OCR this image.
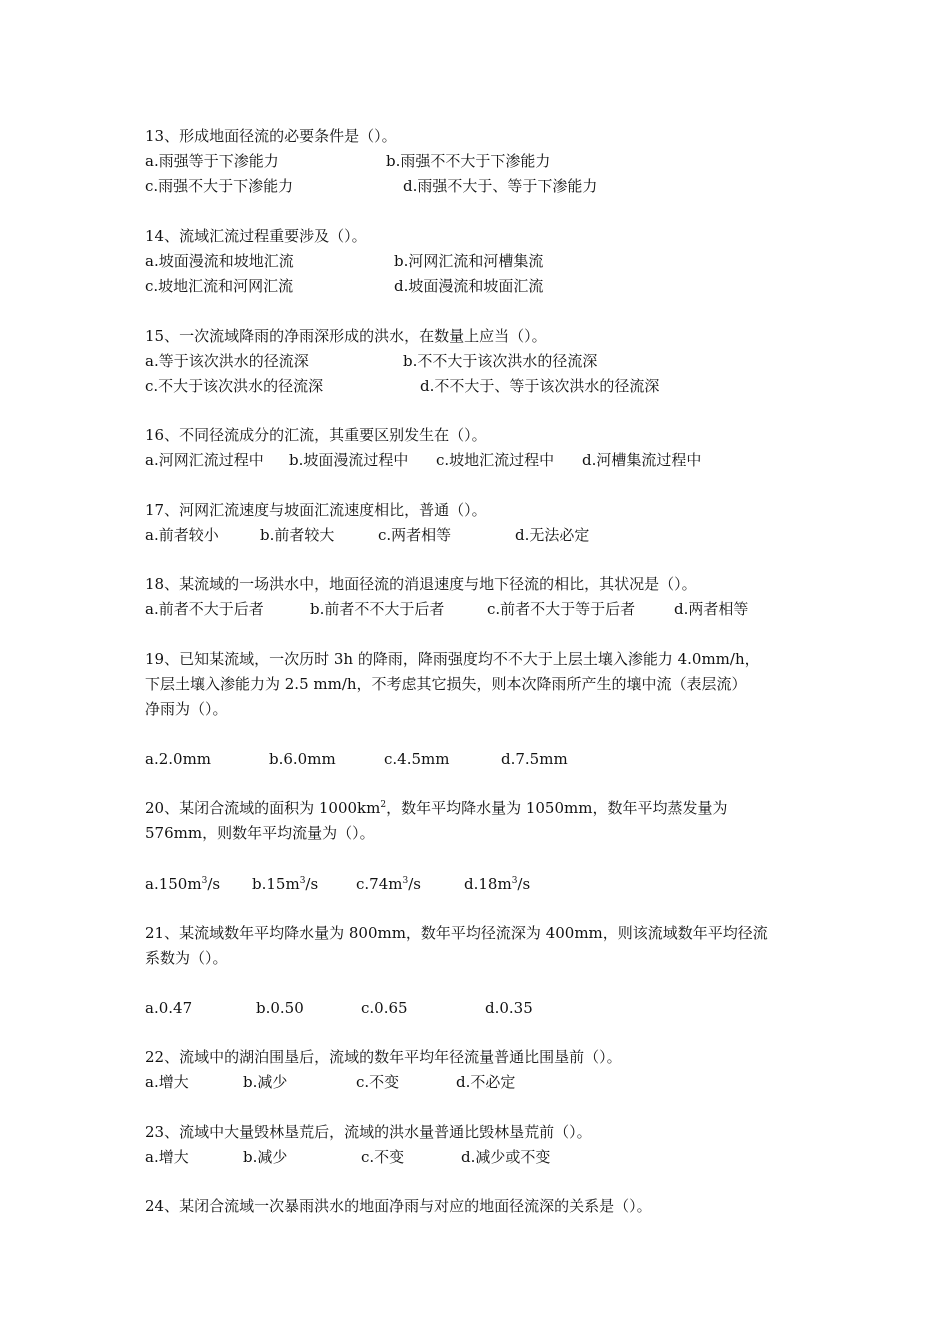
13、形成地面径流的必要条件是（）。
a.雨强等于下渗能力	b.雨强不不大于下渗能力
c.雨强不大于下渗能力	d.雨强不大于、等于下渗能力
14、流域汇流过程重要涉及（）。
a.坡面漫流和坡地汇流	b.河网汇流和河槽集流
c.坡地汇流和河网汇流	d.坡面漫流和坡面汇流
15、一次流域降雨的净雨深形成的洪水，在数量上应当（）。
a.等于该次洪水的径流深	b.不不大于该次洪水的径流深
c.不大于该次洪水的径流深	d.不不大于、等于该次洪水的径流深
16、不同径流成分的汇流，其重要区别发生在（）。
a.河网汇流过程中 b.坡面漫流过程中 c.坡地汇流过程中 d.河槽集流过程中
17、河网汇流速度与坡面汇流速度相比，普通（）。
a.前者较小	b.前者较大	c.两者相等	d.无法必定
18、某流域的一场洪水中，地面径流的消退速度与地下径流的相比，其状况是（）。
a.前者不大于后者	b.前者不不大于后者	c.前者不大于等于后者	d.两者相等
19、已知某流域，一次历时 3h 的降雨，降雨强度均不不大于上层土壤入渗能力 4.0mm/h，
下层土壤入渗能力为 2.5 mm/h，不考虑其它损失，则本次降雨所产生的壤中流（表层流）
净雨为（）。
a.2.0mm	b.6.0mm	c.4.5mm	d.7.5mm
20、某闭合流域的面积为 $1000km^2$，数年平均降水量为 1050mm，数年平均蒸发量为
576mm，则数年平均流量为（）。
$a.150m^3/s$ $b.15m^3/s$	$c.74m^3/s$	$d.18m^3/s$
21、某流域数年平均降水量为 800mm，数年平均径流深为 400mm，则该流域数年平均径流
系数为（）。
a.0.47	b.0.50	c.0.65	d.0.35
22、流域中的湖泊围垦后，流域的数年平均年径流量普通比围垦前（）。
a.增大	b.减少	c.不变	d.不必定
23、流域中大量毁林垦荒后，流域的洪水量普通比毁林垦荒前（）。
a.增大	b.减少	c.不变	d.减少或不变
24、某闭合流域一次暴雨洪水的地面净雨与对应的地面径流深的关系是（）。
